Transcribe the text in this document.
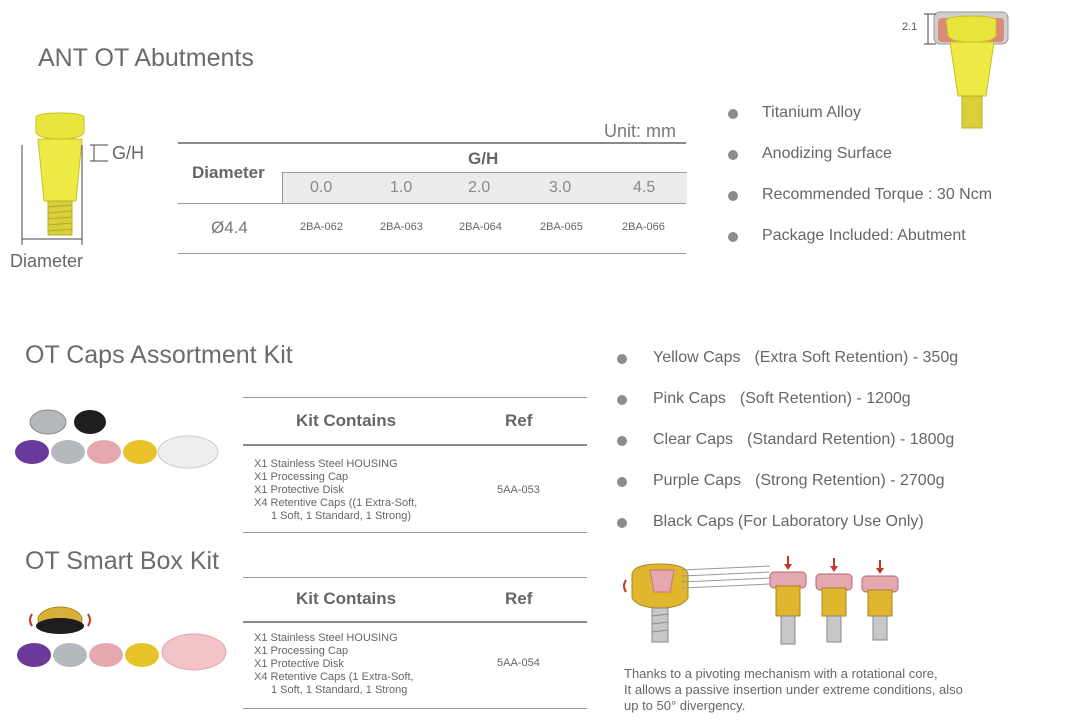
ANT OT Abutments
G/H
Diameter
Unit: mm
Diameter
G/H
0.0	1.0	2.0	3.0	4.5
Ø4.4	2BA-062	2BA-063	2BA-064	2BA-065	2BA-066
Titanium Alloy
Anodizing Surface
Recommended Torque : 30 Ncm
Package Included: Abutment
2.1
OT Caps Assortment Kit
Kit Contains	Ref
X1 Stainless Steel HOUSING
X1 Processing Cap
X1 Protective Disk
X4 Retentive Caps ((1 Extra-Soft,
1 Soft, 1 Standard, 1 Strong)
5AA-053
OT Smart Box Kit
Kit Contains	Ref
X1 Stainless Steel HOUSING
X1 Processing Cap
X1 Protective Disk
X4 Retentive Caps (1 Extra-Soft,
1 Soft, 1 Standard, 1 Strong
5AA-054
Yellow Caps (Extra Soft Retention) - 350g
Pink Caps (Soft Retention) - 1200g
Clear Caps (Standard Retention) - 1800g
Purple Caps (Strong Retention) - 2700g
Black Caps (For Laboratory Use Only)
Thanks to a pivoting mechanism with a rotational core,
It allows a passive insertion under extreme conditions, also
up to 50° divergency.
